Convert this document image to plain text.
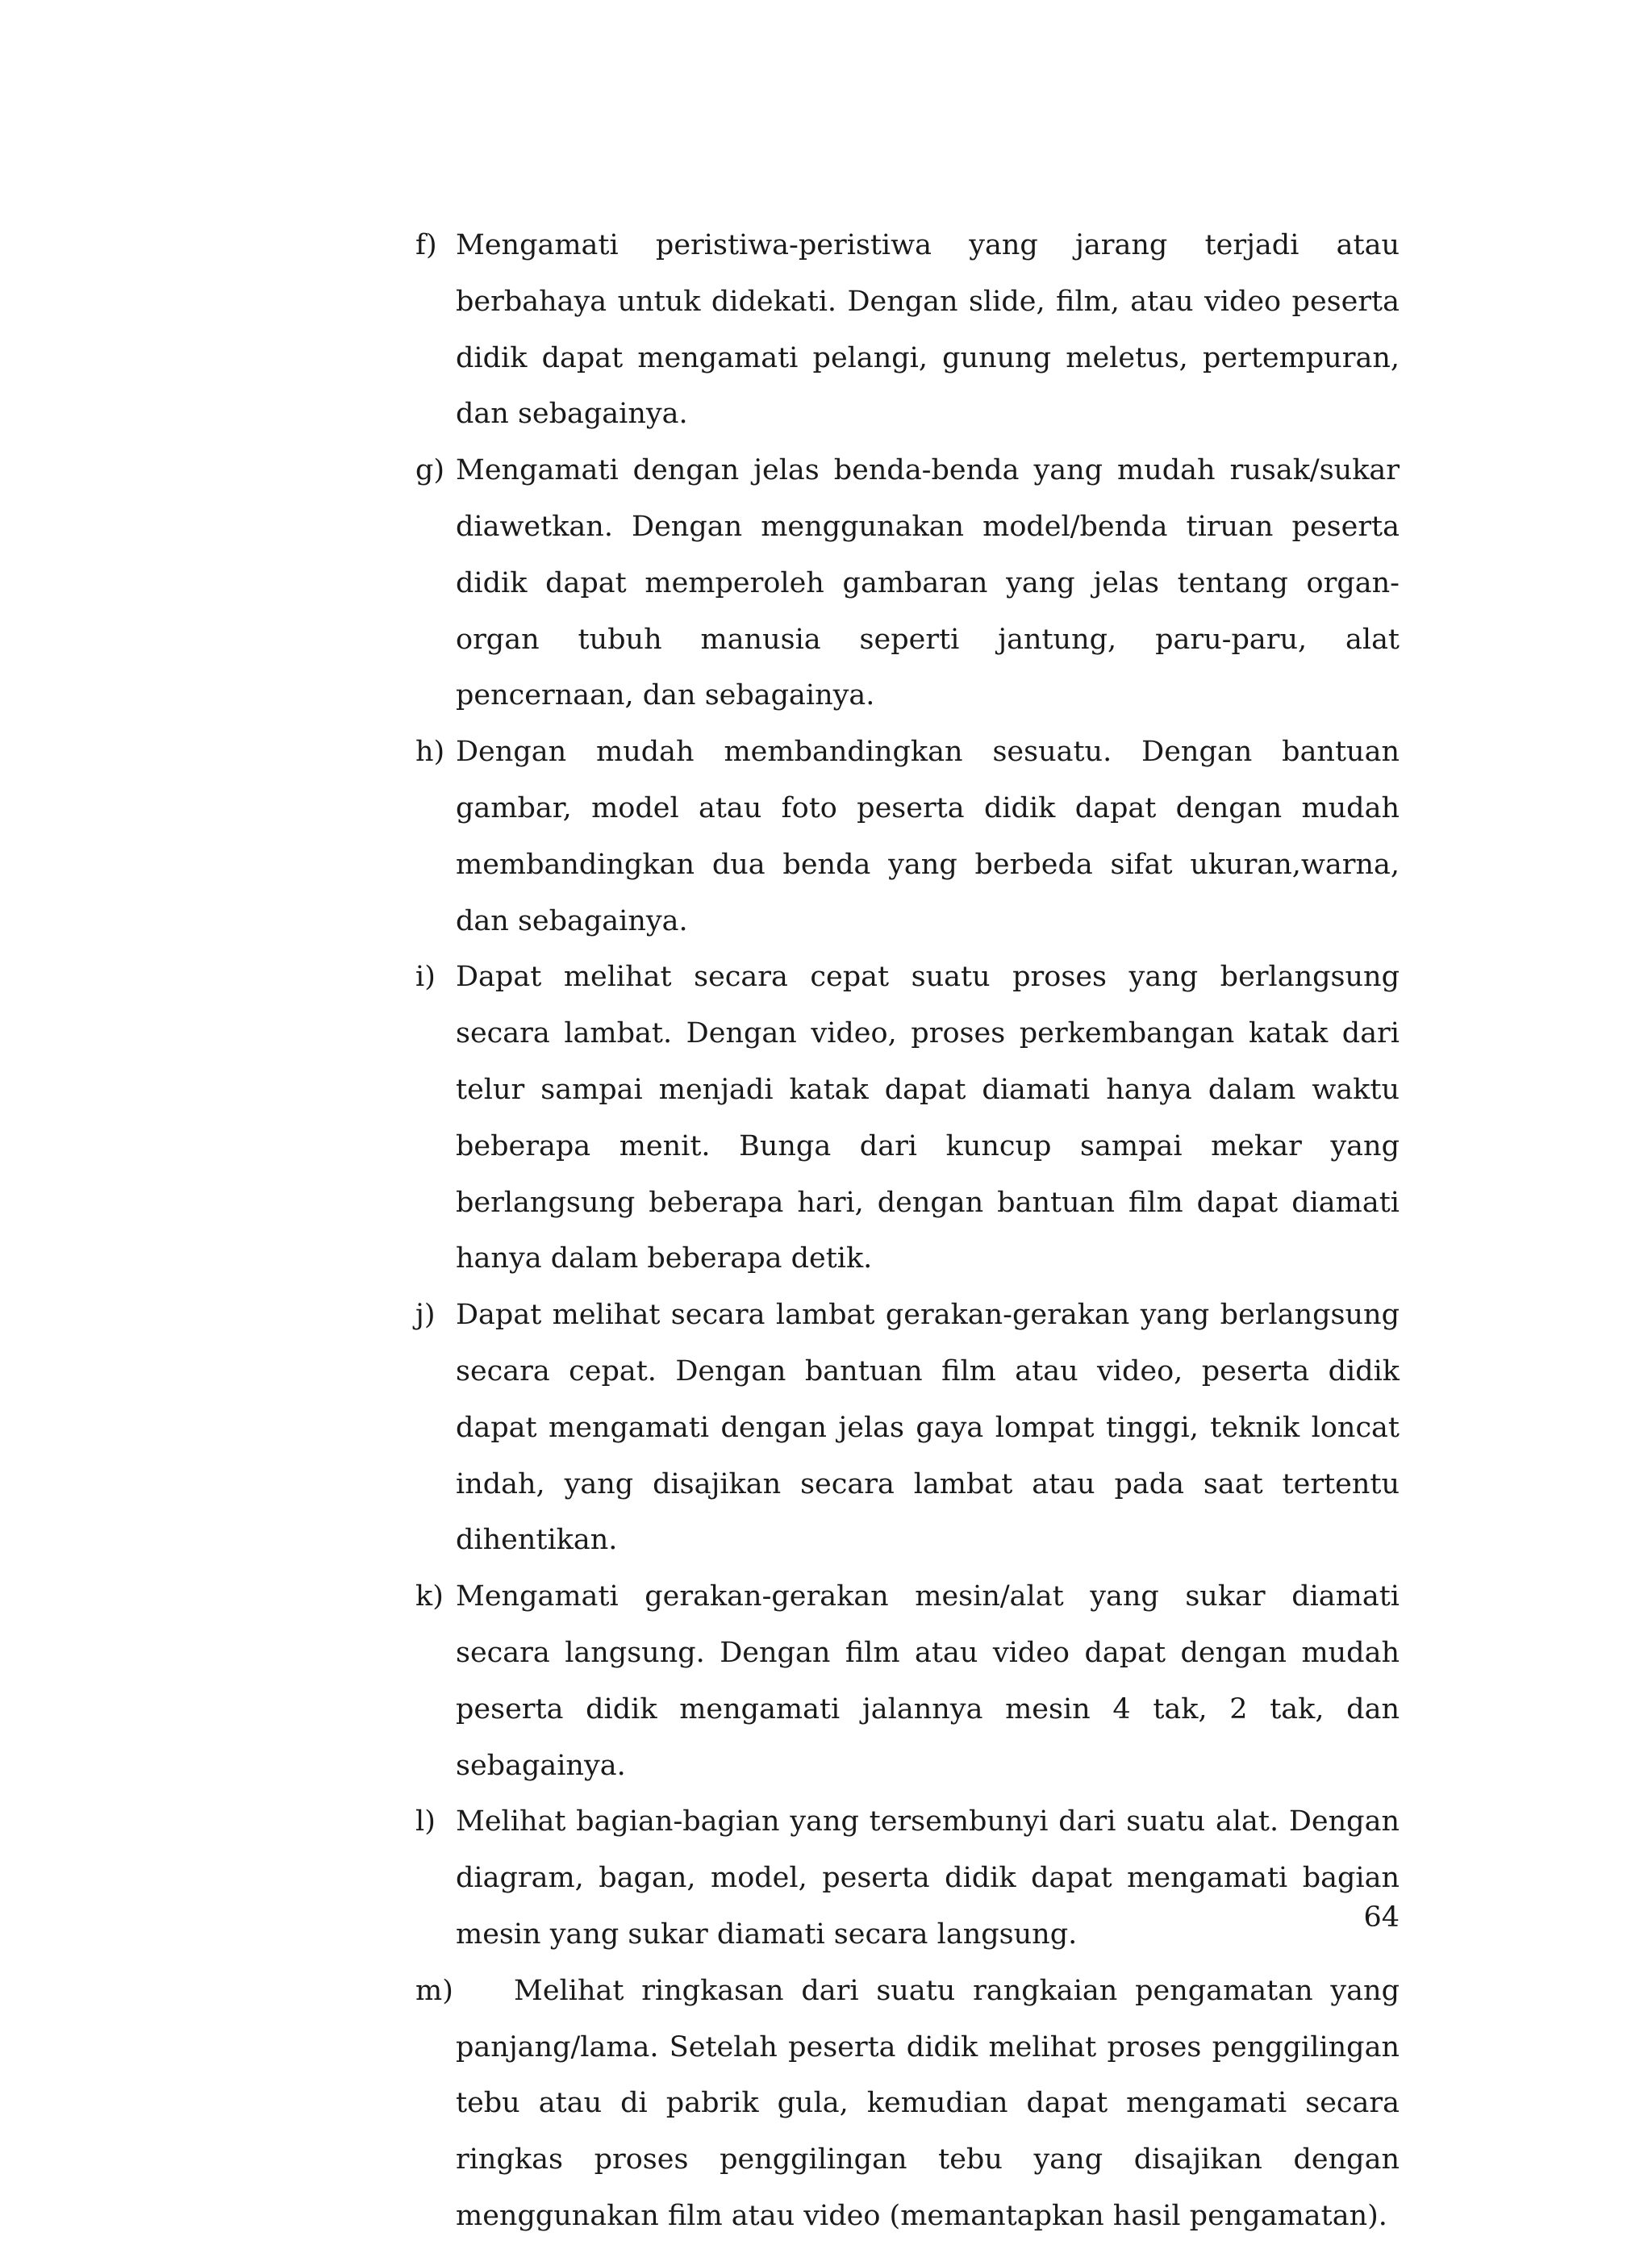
f) Mengamati peristiwa-peristiwa yang jarang terjadi atau berbahaya untuk didekati. Dengan slide, film, atau video peserta didik dapat mengamati pelangi, gunung meletus, pertempuran, dan sebagainya.
g) Mengamati dengan jelas benda-benda yang mudah rusak/sukar diawetkan. Dengan menggunakan model/benda tiruan peserta didik dapat memperoleh gambaran yang jelas tentang organ-organ tubuh manusia seperti jantung, paru-paru, alat pencernaan, dan sebagainya.
h) Dengan mudah membandingkan sesuatu. Dengan bantuan gambar, model atau foto peserta didik dapat dengan mudah membandingkan dua benda yang berbeda sifat ukuran,warna, dan sebagainya.
i) Dapat melihat secara cepat suatu proses yang berlangsung secara lambat. Dengan video, proses perkembangan katak dari telur sampai menjadi katak dapat diamati hanya dalam waktu beberapa menit. Bunga dari kuncup sampai mekar yang berlangsung beberapa hari, dengan bantuan film dapat diamati hanya dalam beberapa detik.
j) Dapat melihat secara lambat gerakan-gerakan yang berlangsung secara cepat. Dengan bantuan film atau video, peserta didik dapat mengamati dengan jelas gaya lompat tinggi, teknik loncat indah, yang disajikan secara lambat atau pada saat tertentu dihentikan.
k) Mengamati gerakan-gerakan mesin/alat yang sukar diamati secara langsung. Dengan film atau video dapat dengan mudah peserta didik mengamati jalannya mesin 4 tak, 2 tak, dan sebagainya.
l) Melihat bagian-bagian yang tersembunyi dari suatu alat. Dengan diagram, bagan, model, peserta didik dapat mengamati bagian mesin yang sukar diamati secara langsung.
m) Melihat ringkasan dari suatu rangkaian pengamatan yang panjang/lama. Setelah peserta didik melihat proses penggilingan tebu atau di pabrik gula, kemudian dapat mengamati secara ringkas proses penggilingan tebu yang disajikan dengan menggunakan film atau video (memantapkan hasil pengamatan).
64
